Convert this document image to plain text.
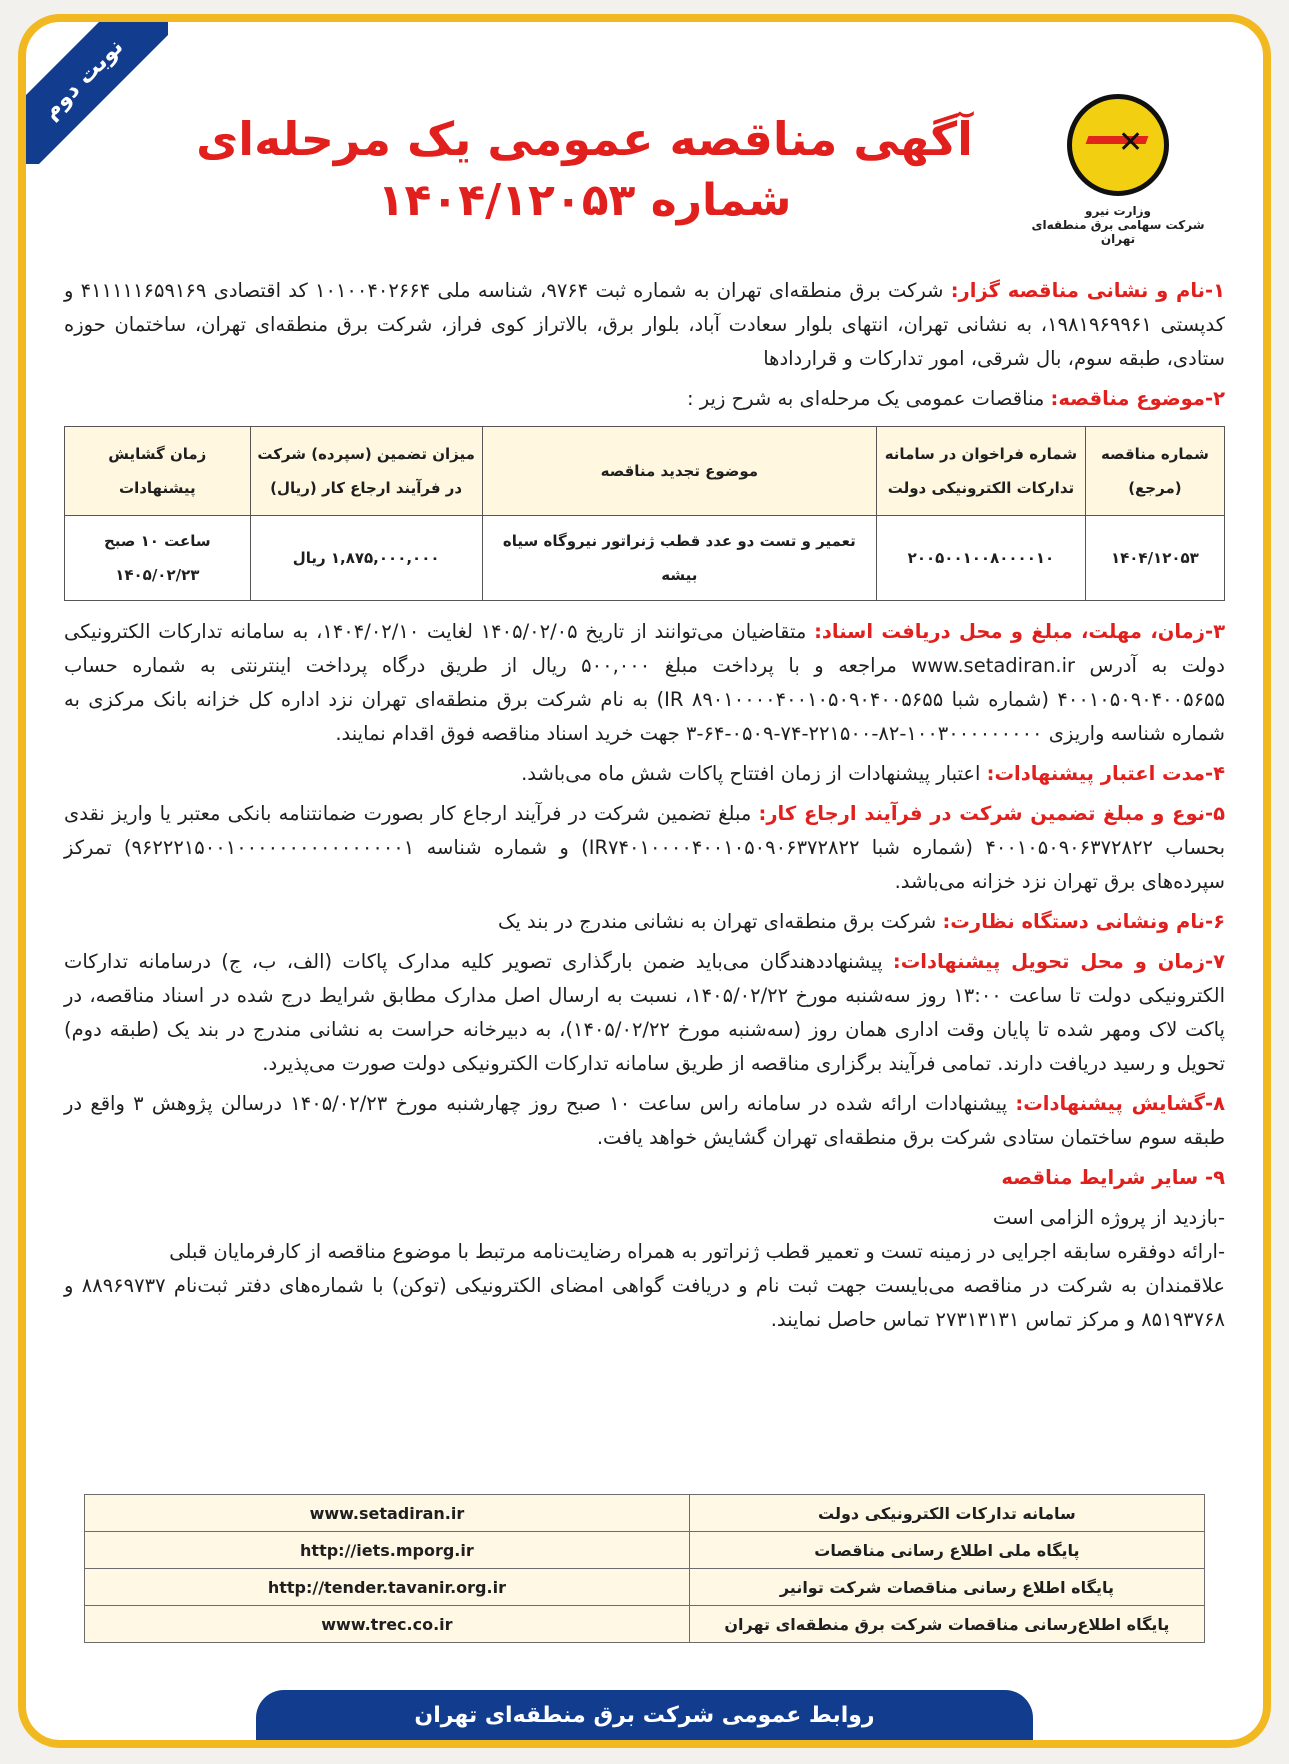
نوبت دوم
✕
وزارت نیرو
شرکت سهامی برق منطقه‌ای تهران
آگهی مناقصه عمومی یک مرحله‌ای
شماره ۱۴۰۴/۱۲۰۵۳
۱-نام و نشانی مناقصه گزار: شرکت برق منطقه‌ای تهران به شماره ثبت ۹۷۶۴، شناسه ملی ۱۰۱۰۰۴۰۲۶۶۴ کد اقتصادی ۴۱۱۱۱۱۶۵۹۱۶۹ و کدپستی ۱۹۸۱۹۶۹۹۶۱، به نشانی تهران، انتهای بلوار سعادت آباد، بلوار برق، بالاتراز کوی فراز، شرکت برق منطقه‌ای تهران، ساختمان حوزه ستادی، طبقه سوم، بال شرقی، امور تدارکات و قراردادها
۲-موضوع مناقصه: مناقصات عمومی یک مرحله‌ای به شرح زیر :
شماره مناقصه (مرجع)	شماره فراخوان در سامانه تدارکات الکترونیکی دولت	موضوع تجدید مناقصه	میزان تضمین (سپرده) شرکت در فرآیند ارجاع کار (ریال)	زمان گشایش پیشنهادات
۱۴۰۴/۱۲۰۵۳	۲۰۰۵۰۰۱۰۰۸۰۰۰۰۱۰	تعمیر و تست دو عدد قطب ژنراتور نیروگاه سیاه بیشه	۱,۸۷۵,۰۰۰,۰۰۰ ریال	ساعت ۱۰ صبح ۱۴۰۵/۰۲/۲۳
۳-زمان، مهلت، مبلغ و محل دریافت اسناد: متقاضیان می‌توانند از تاریخ ۱۴۰۵/۰۲/۰۵ لغایت ۱۴۰۴/۰۲/۱۰، به سامانه تدارکات الکترونیکی دولت به آدرس www.setadiran.ir مراجعه و با پرداخت مبلغ ۵۰۰,۰۰۰ ریال از طریق درگاه پرداخت اینترنتی به شماره حساب ۴۰۰۱۰۵۰۹۰۴۰۰۵۶۵۵ (شماره شبا IR ۸۹۰۱۰۰۰۰۴۰۰۱۰۵۰۹۰۴۰۰۵۶۵۵) به نام شرکت برق منطقه‌ای تهران نزد اداره کل خزانه بانک مرکزی به شماره شناسه واریزی ۱۰۰۳۰۰۰۰۰۰۰۰۰-۸۲-۲۲۱۵۰۰-۷۴-۰۵۰۹-۶۴-۳ جهت خرید اسناد مناقصه فوق اقدام نمایند.
۴-مدت اعتبار پیشنهادات: اعتبار پیشنهادات از زمان افتتاح پاکات شش ماه می‌باشد.
۵-نوع و مبلغ تضمین شرکت در فرآیند ارجاع کار: مبلغ تضمین شرکت در فرآیند ارجاع کار بصورت ضمانتنامه بانکی معتبر یا واریز نقدی بحساب ۴۰۰۱۰۵۰۹۰۶۳۷۲۸۲۲ (شماره شبا IR۷۴۰۱۰۰۰۰۴۰۰۱۰۵۰۹۰۶۳۷۲۸۲۲) و شماره شناسه ۹۶۲۲۲۱۵۰۰۱۰۰۰۰۰۰۰۰۰۰۰۰۰۰۰۰۱) تمرکز سپرده‌های برق تهران نزد خزانه می‌باشد.
۶-نام ونشانی دستگاه نظارت: شرکت برق منطقه‌ای تهران به نشانی مندرج در بند یک
۷-زمان و محل تحویل پیشنهادات: پیشنهاددهندگان می‌باید ضمن بارگذاری تصویر کلیه مدارک پاکات (الف، ب، ج) درسامانه تدارکات الکترونیکی دولت تا ساعت ۱۳:۰۰ روز سه‌شنبه مورخ ۱۴۰۵/۰۲/۲۲، نسبت به ارسال اصل مدارک مطابق شرایط درج شده در اسناد مناقصه، در پاکت لاک ومهر شده تا پایان وقت اداری همان روز (سه‌شنبه مورخ ۱۴۰۵/۰۲/۲۲)، به دبیرخانه حراست به نشانی مندرج در بند یک (طبقه دوم) تحویل و رسید دریافت دارند. تمامی فرآیند برگزاری مناقصه از طریق سامانه تدارکات الکترونیکی دولت صورت می‌پذیرد.
۸-گشایش پیشنهادات: پیشنهادات ارائه شده در سامانه راس ساعت ۱۰ صبح روز چهارشنبه مورخ ۱۴۰۵/۰۲/۲۳ درسالن پژوهش ۳ واقع در طبقه سوم ساختمان ستادی شرکت برق منطقه‌ای تهران گشایش خواهد یافت.
۹- سایر شرایط مناقصه

-بازدید از پروژه الزامی است

-ارائه دوفقره سابقه اجرایی در زمینه تست و تعمیر قطب ژنراتور به همراه رضایت‌نامه مرتبط با موضوع مناقصه از کارفرمایان قبلی

علاقمندان به شرکت در مناقصه می‌بایست جهت ثبت نام و دریافت گواهی امضای الکترونیکی (توکن) با شماره‌های دفتر ثبت‌نام ۸۸۹۶۹۷۳۷ و ۸۵۱۹۳۷۶۸ و مرکز تماس ۲۷۳۱۳۱۳۱ تماس حاصل نمایند.

سامانه تدارکات الکترونیکی دولت	www.setadiran.ir
پایگاه ملی اطلاع رسانی مناقصات	http://iets.mporg.ir
پایگاه اطلاع رسانی مناقصات شرکت توانیر	http://tender.tavanir.org.ir
پایگاه اطلاع‌رسانی مناقصات شرکت برق منطقه‌ای تهران	www.trec.co.ir
روابط عمومی شرکت برق منطقه‌ای تهران
